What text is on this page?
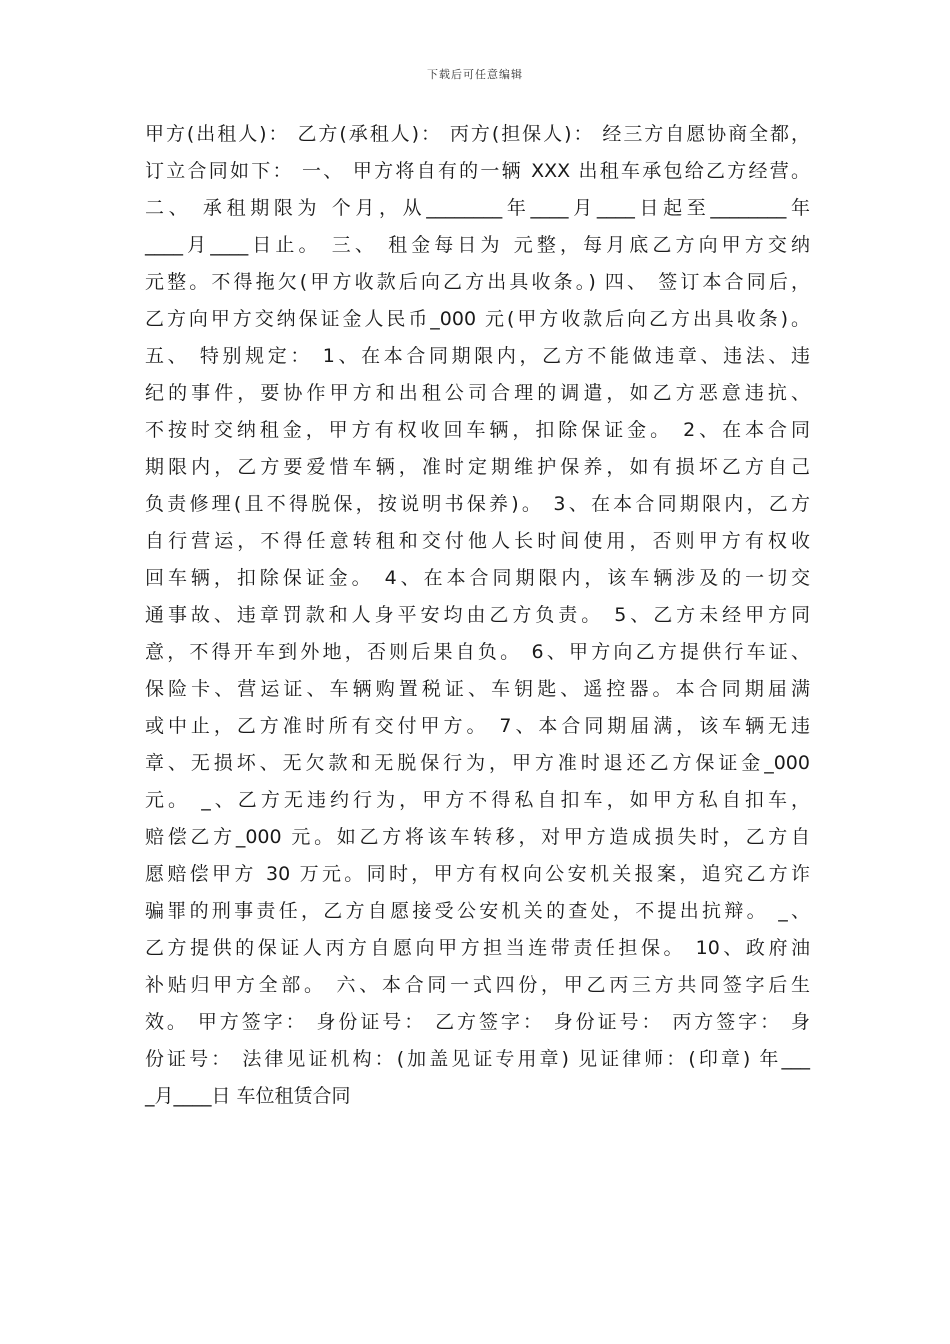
下载后可任意编辑
甲方(出租人)： 乙方(承租人)： 丙方(担保人)： 经三方自愿协商全都，
订立合同如下： 一、 甲方将自有的一辆 XXX 出租车承包给乙方经营。
二、 承租期限为 个月，从________年____月____日起至________年
____月____日止。 三、 租金每日为 元整，每月底乙方向甲方交纳
元整。不得拖欠(甲方收款后向乙方出具收条。) 四、 签订本合同后，
乙方向甲方交纳保证金人民币_000 元(甲方收款后向乙方出具收条)。
五、 特别规定： 1、在本合同期限内，乙方不能做违章、违法、违
纪的事件，要协作甲方和出租公司合理的调遣，如乙方恶意违抗、
不按时交纳租金，甲方有权收回车辆，扣除保证金。 2、在本合同
期限内，乙方要爱惜车辆，准时定期维护保养，如有损坏乙方自己
负责修理(且不得脱保，按说明书保养)。 3、在本合同期限内，乙方
自行营运，不得任意转租和交付他人长时间使用，否则甲方有权收
回车辆，扣除保证金。 4、在本合同期限内，该车辆涉及的一切交
通事故、违章罚款和人身平安均由乙方负责。 5、乙方未经甲方同
意，不得开车到外地，否则后果自负。 6、甲方向乙方提供行车证、
保险卡、营运证、车辆购置税证、车钥匙、遥控器。本合同期届满
或中止，乙方准时所有交付甲方。 7、本合同期届满，该车辆无违
章、无损坏、无欠款和无脱保行为，甲方准时退还乙方保证金_000
元。 _、乙方无违约行为，甲方不得私自扣车，如甲方私自扣车，
赔偿乙方_000 元。如乙方将该车转移，对甲方造成损失时，乙方自
愿赔偿甲方 30 万元。同时，甲方有权向公安机关报案，追究乙方诈
骗罪的刑事责任，乙方自愿接受公安机关的查处，不提出抗辩。 _、
乙方提供的保证人丙方自愿向甲方担当连带责任担保。 10、政府油
补贴归甲方全部。 六、本合同一式四份，甲乙丙三方共同签字后生
效。 甲方签字： 身份证号： 乙方签字： 身份证号： 丙方签字： 身
份证号： 法律见证机构：(加盖见证专用章) 见证律师：(印章) 年___
_月____日 车位租赁合同
